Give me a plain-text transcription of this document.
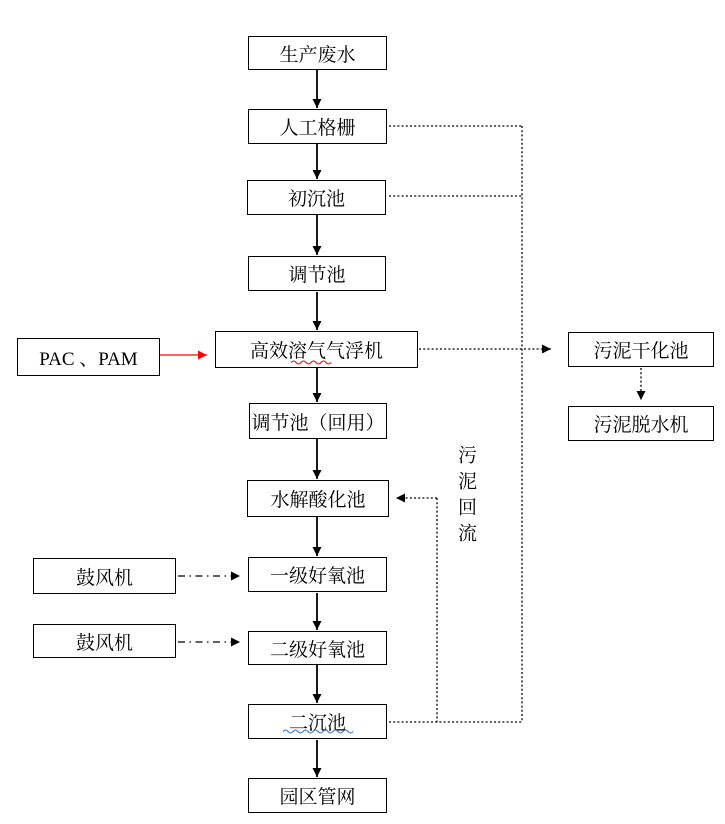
生产废水
人工格栅
初沉池
调节池
高效溶气气浮机
调节池（回用）
水解酸化池
一级好氧池
二级好氧池
二沉池
园区管网
PAC 、PAM
鼓风机
鼓风机
污泥干化池
污泥脱水机
污泥回流
